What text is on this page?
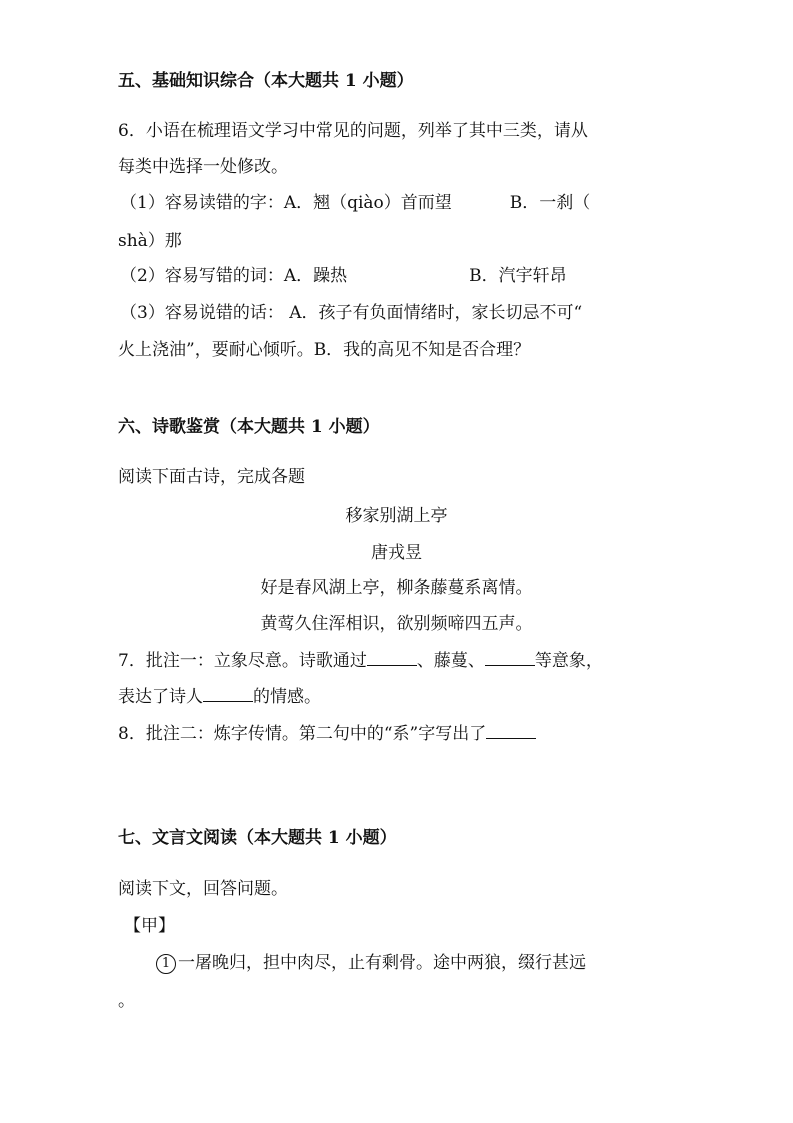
五、基础知识综合（本大题共 1 小题）
6．小语在梳理语文学习中常见的问题，列举了其中三类，请从
每类中选择一处修改。
（1）容易读错的字：A．翘（qiào）首而望	B．一刹（
shà）那
（2）容易写错的词：A．躁热	B．汽宇轩昂
（3）容易说错的话： A．孩子有负面情绪时，家长切忌不可“
火上浇油”，要耐心倾听。B．我的高见不知是否合理？
六、诗歌鉴赏（本大题共 1 小题）
阅读下面古诗，完成各题
移家别湖上亭
唐戎昱
好是春风湖上亭，柳条藤蔓系离情。
黄莺久住浑相识，欲别频啼四五声。
7．批注一：立象尽意。诗歌通过	、藤蔓、	等意象，
表达了诗人	的情感。
8．批注二：炼字传情。第二句中的“系”字写出了
七、文言文阅读（本大题共 1 小题）
阅读下文，回答问题。
【甲】
1 一屠晚归，担中肉尽，止有剩骨。途中两狼，缀行甚远
。
